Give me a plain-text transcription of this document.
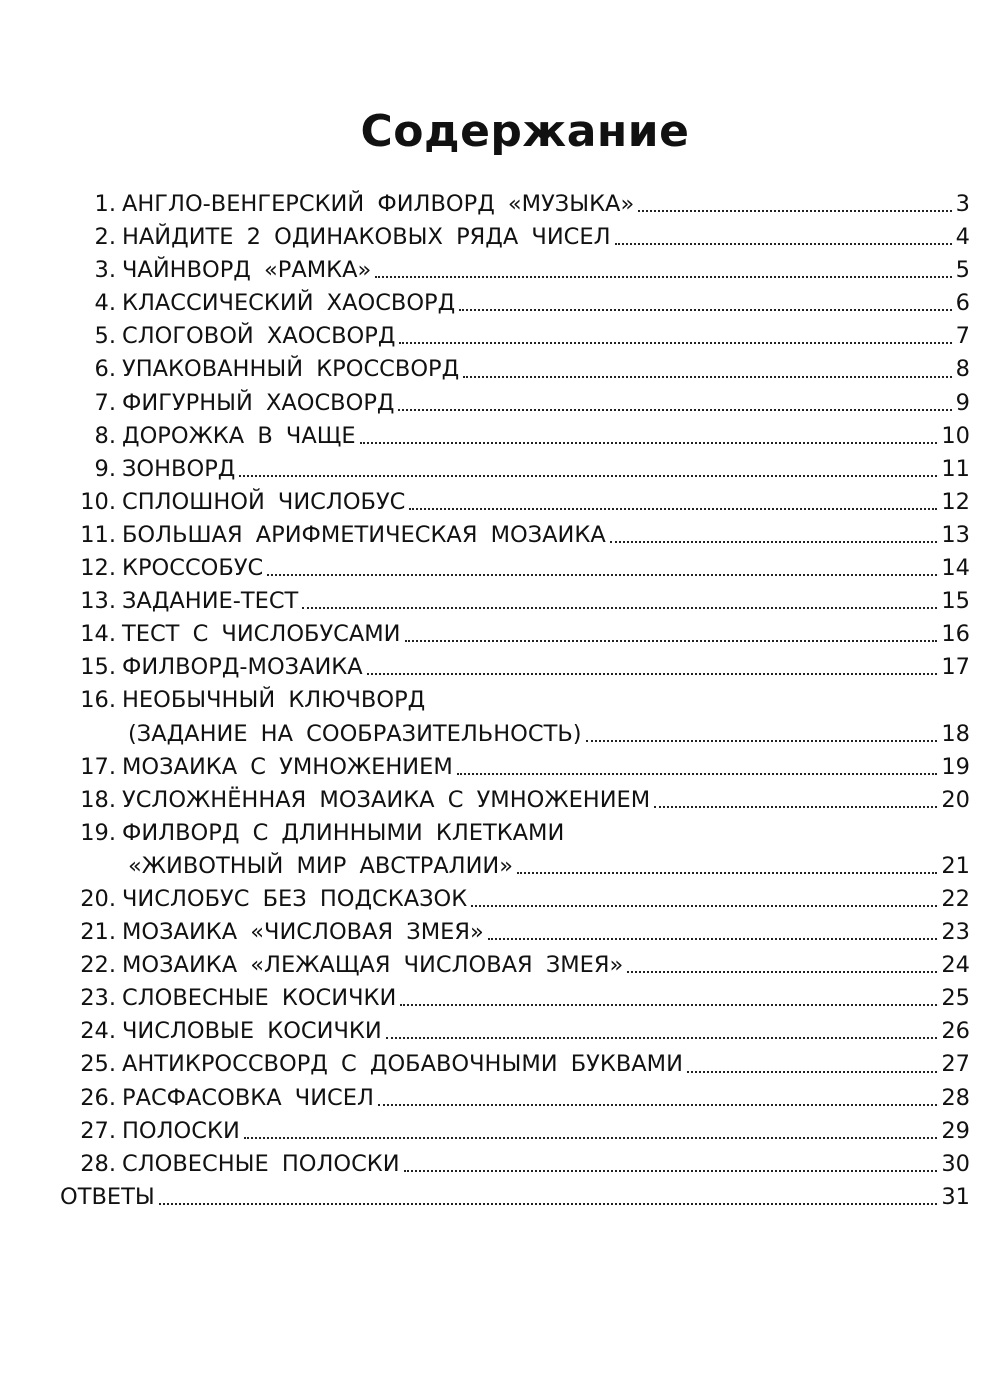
Содержание
1. АНГЛО-ВЕНГЕРСКИЙ ФИЛВОРД «МУЗЫКА»	3
2. НАЙДИТЕ 2 ОДИНАКОВЫХ РЯДА ЧИСЕЛ	4
3. ЧАЙНВОРД «РАМКА»	5
4. КЛАССИЧЕСКИЙ ХАОСВОРД	6
5. СЛОГОВОЙ ХАОСВОРД	7
6. УПАКОВАННЫЙ КРОССВОРД	8
7. ФИГУРНЫЙ ХАОСВОРД	9
8. ДОРОЖКА В ЧАЩЕ	10
9. ЗОНВОРД	11
10. СПЛОШНОЙ ЧИСЛОБУС	12
11. БОЛЬШАЯ АРИФМЕТИЧЕСКАЯ МОЗАИКА	13
12. КРОССОБУС	14
13. ЗАДАНИЕ-ТЕСТ	15
14. ТЕСТ С ЧИСЛОБУСАМИ	16
15. ФИЛВОРД-МОЗАИКА	17
16. НЕОБЫЧНЫЙ КЛЮЧВОРД
(ЗАДАНИЕ НА СООБРАЗИТЕЛЬНОСТЬ)	18
17. МОЗАИКА С УМНОЖЕНИЕМ	19
18. УСЛОЖНЁННАЯ МОЗАИКА С УМНОЖЕНИЕМ	20
19. ФИЛВОРД С ДЛИННЫМИ КЛЕТКАМИ
«ЖИВОТНЫЙ МИР АВСТРАЛИИ»	21
20. ЧИСЛОБУС БЕЗ ПОДСКАЗОК	22
21. МОЗАИКА «ЧИСЛОВАЯ ЗМЕЯ»	23
22. МОЗАИКА «ЛЕЖАЩАЯ ЧИСЛОВАЯ ЗМЕЯ»	24
23. СЛОВЕСНЫЕ КОСИЧКИ	25
24. ЧИСЛОВЫЕ КОСИЧКИ	26
25. АНТИКРОССВОРД С ДОБАВОЧНЫМИ БУКВАМИ	27
26. РАСФАСОВКА ЧИСЕЛ	28
27. ПОЛОСКИ	29
28. СЛОВЕСНЫЕ ПОЛОСКИ	30
ОТВЕТЫ	31
